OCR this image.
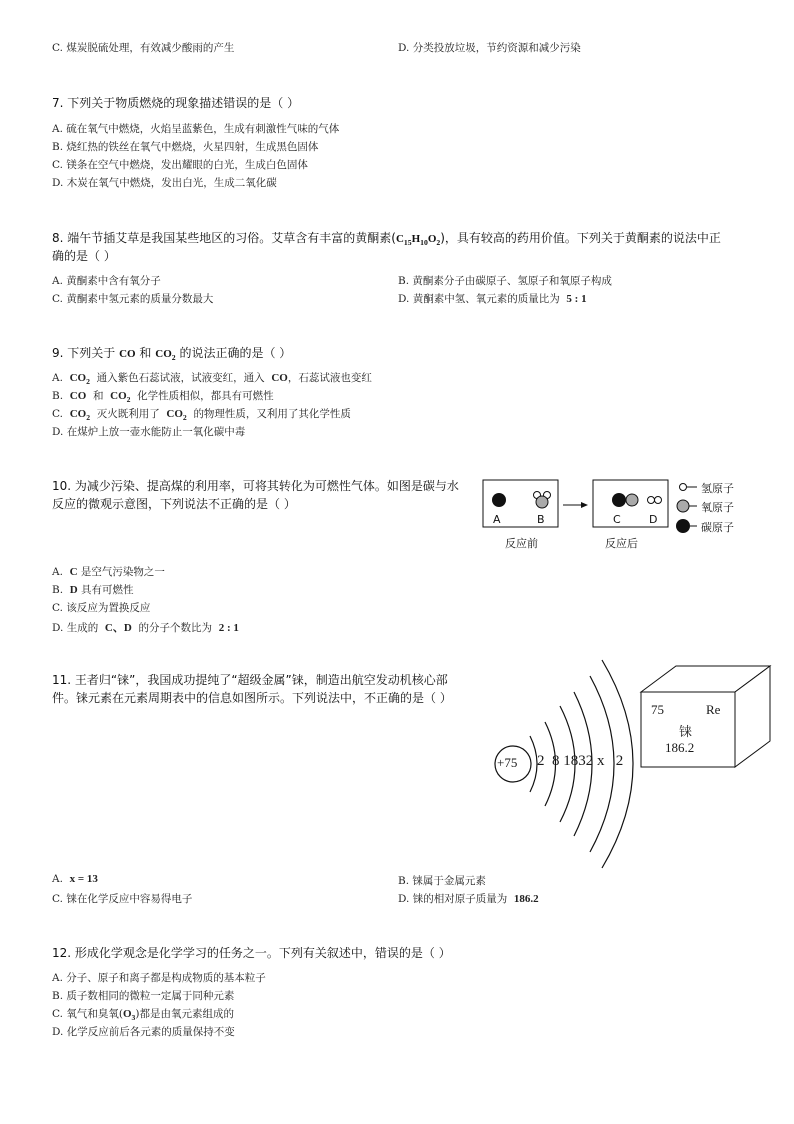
C. 煤炭脱硫处理，有效减少酸雨的产生	D. 分类投放垃圾，节约资源和减少污染
7. 下列关于物质燃烧的现象描述错误的是（ ）
A. 硫在氧气中燃烧，火焰呈蓝紫色，生成有刺激性气味的气体
B. 烧红热的铁丝在氧气中燃烧，火星四射，生成黑色固体
C. 镁条在空气中燃烧，发出耀眼的白光，生成白色固体
D. 木炭在氧气中燃烧，发出白光，生成二氧化碳
8. 端午节插艾草是我国某些地区的习俗。艾草含有丰富的黄酮素$(C_{15}H_{10}O_2)$，具有较高的药用价值。下列关于黄酮素的说法中正
确的是（ ）
A. 黄酮素中含有氧分子	B. 黄酮素分子由碳原子、氢原子和氧原子构成
C. 黄酮素中氢元素的质量分数最大	D. 黄酮素中氢、氧元素的质量比为 5 : 1
9. 下列关于 CO 和 $CO_2$ 的说法正确的是（ ）
A. $CO_2$ 通入紫色石蕊试液，试液变红，通入 CO，石蕊试液也变红
B. CO 和 $CO_2$ 化学性质相似，都具有可燃性
C. $CO_2$ 灭火既利用了 $CO_2$ 的物理性质，又利用了其化学性质
D. 在煤炉上放一壶水能防止一氧化碳中毒
10. 为减少污染、提高煤的利用率，可将其转化为可燃性气体。如图是碳与水
反应的微观示意图，下列说法不正确的是（ ）
A	B	C	D
反应前	反应后
氢原子
氧原子
碳原子
A. C 是空气污染物之一
B. D 具有可燃性
C. 该反应为置换反应
D. 生成的 C、D 的分子个数比为 2 : 1
11. 王者归“铼”，我国成功提纯了“超级金属”铼，制造出航空发动机核心部
件。铼元素在元素周期表中的信息如图所示。下列说法中，不正确的是（ ）
+75 2  8 1832 x   2
75	Re
铼
186.2
A. x = 13	B. 铼属于金属元素
C. 铼在化学反应中容易得电子	D. 铼的相对原子质量为 186.2
12. 形成化学观念是化学学习的任务之一。下列有关叙述中，错误的是（ ）
A. 分子、原子和离子都是构成物质的基本粒子
B. 质子数相同的微粒一定属于同种元素
C. 氧气和臭氧$(O_3)$都是由氧元素组成的
D. 化学反应前后各元素的质量保持不变
